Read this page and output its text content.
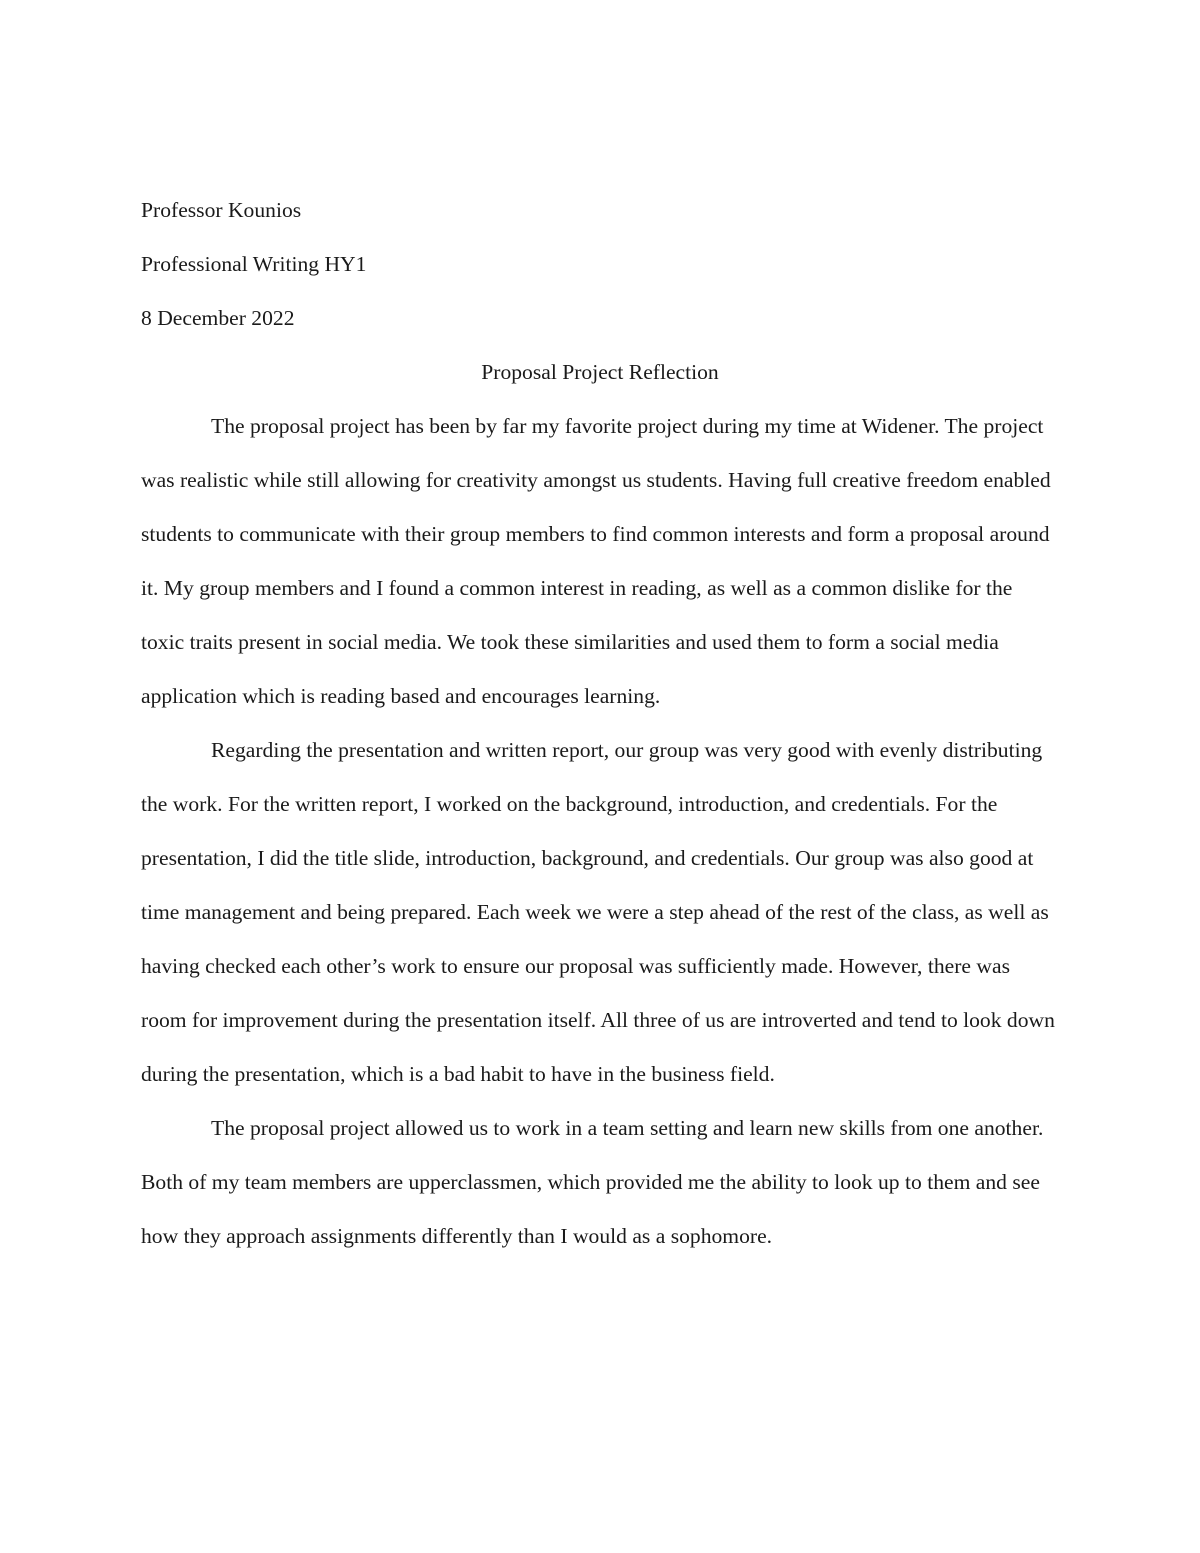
Professor Kounios

Professional Writing HY1

8 December 2022

Proposal Project Reflection

The proposal project has been by far my favorite project during my time at Widener. The project was realistic while still allowing for creativity amongst us students. Having full creative freedom enabled students to communicate with their group members to find common interests and form a proposal around it. My group members and I found a common interest in reading, as well as a common dislike for the toxic traits present in social media. We took these similarities and used them to form a social media application which is reading based and encourages learning.

Regarding the presentation and written report, our group was very good with evenly distributing the work. For the written report, I worked on the background, introduction, and credentials. For the presentation, I did the title slide, introduction, background, and credentials. Our group was also good at time management and being prepared. Each week we were a step ahead of the rest of the class, as well as having checked each other’s work to ensure our proposal was sufficiently made. However, there was room for improvement during the presentation itself. All three of us are introverted and tend to look down during the presentation, which is a bad habit to have in the business field.

The proposal project allowed us to work in a team setting and learn new skills from one another. Both of my team members are upperclassmen, which provided me the ability to look up to them and see how they approach assignments differently than I would as a sophomore.
